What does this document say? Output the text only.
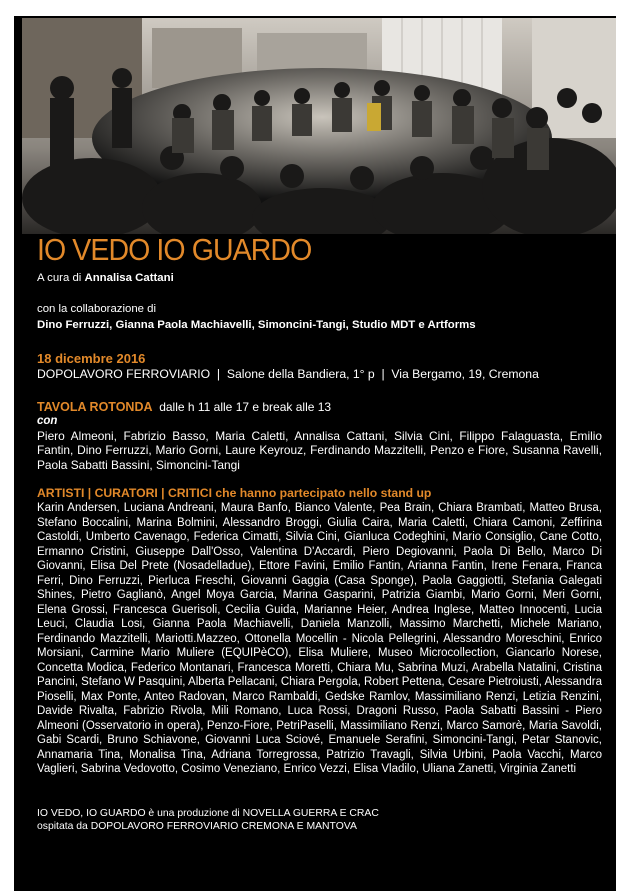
IO VEDO IO GUARDO
A cura di Annalisa Cattani
con la collaborazione di
Dino Ferruzzi, Gianna Paola Machiavelli, Simoncini-Tangi, Studio MDT e Artforms
18 dicembre 2016
DOPOLAVORO FERROVIARIO  |  Salone della Bandiera, 1° p  |  Via Bergamo, 19, Cremona
TAVOLA ROTONDA dalle h 11 alle 17 e break alle 13
con
Piero Almeoni, Fabrizio Basso, Maria Caletti, Annalisa Cattani, Silvia Cini, Filippo Falaguasta, Emilio Fantin, Dino Ferruzzi, Mario Gorni, Laure Keyrouz, Ferdinando Mazzitelli, Penzo e Fiore, Susanna Ravelli, Paola Sabatti Bassini, Simoncini-Tangi
ARTISTI | CURATORI | CRITICI che hanno partecipato nello stand up
Karin Andersen, Luciana Andreani, Maura Banfo, Bianco Valente, Pea Brain, Chiara Brambati, Matteo Brusa, Stefano Boccalini, Marina Bolmini, Alessandro Broggi, Giulia Caira, Maria Caletti, Chiara Camoni, Zeffirina Castoldi, Umberto Cavenago, Federica Cimatti, Silvia Cini, Gianluca Codeghini, Mario Consiglio, Cane Cotto, Ermanno Cristini, Giuseppe Dall'Osso, Valentina D'Accardi, Piero Degiovanni, Paola Di Bello, Marco Di Giovanni, Elisa Del Prete (Nosadelladue), Ettore Favini, Emilio Fantin, Arianna Fantin, Irene Fenara, Franca Ferri, Dino Ferruzzi, Pierluca Freschi, Giovanni Gaggia (Casa Sponge), Paola Gaggiotti, Stefania Galegati Shines, Pietro Gaglianò, Angel Moya Garcia, Marina Gasparini, Patrizia Giambi, Mario Gorni, Meri Gorni, Elena Grossi, Francesca Guerisoli, Cecilia Guida, Marianne Heier, Andrea Inglese, Matteo Innocenti, Lucia Leuci, Claudia Losi, Gianna Paola Machiavelli, Daniela Manzolli, Massimo Marchetti, Michele Mariano, Ferdinando Mazzitelli, Mariotti.Mazzeo, Ottonella Mocellin - Nicola Pellegrini, Alessandro Moreschini, Enrico Morsiani, Carmine Mario Muliere (EQUIPèCO), Elisa Muliere, Museo Microcollection, Giancarlo Norese, Concetta Modica, Federico Montanari, Francesca Moretti, Chiara Mu, Sabrina Muzi, Arabella Natalini, Cristina Pancini, Stefano W Pasquini, Alberta Pellacani, Chiara Pergola, Robert Pettena, Cesare Pietroiusti, Alessandra Pioselli, Max Ponte, Anteo Radovan, Marco Rambaldi, Gedske Ramlov, Massimiliano Renzi, Letizia Renzini, Davide Rivalta, Fabrizio Rivola, Mili Romano, Luca Rossi, Dragoni Russo, Paola Sabatti Bassini - Piero Almeoni (Osservatorio in opera), Penzo-Fiore, PetriPaselli, Massimiliano Renzi, Marco Samorè, Maria Savoldi, Gabi Scardi, Bruno Schiavone, Giovanni Luca Sciové, Emanuele Serafini, Simoncini-Tangi, Petar Stanovic, Annamaria Tina, Monalisa Tina, Adriana Torregrossa, Patrizio Travagli, Silvia Urbini, Paola Vacchi, Marco Vaglieri, Sabrina Vedovotto, Cosimo Veneziano, Enrico Vezzi, Elisa Vladilo, Uliana Zanetti, Virginia Zanetti
IO VEDO, IO GUARDO è una produzione di NOVELLA GUERRA E CRAC
ospitata da DOPOLAVORO FERROVIARIO CREMONA E MANTOVA
